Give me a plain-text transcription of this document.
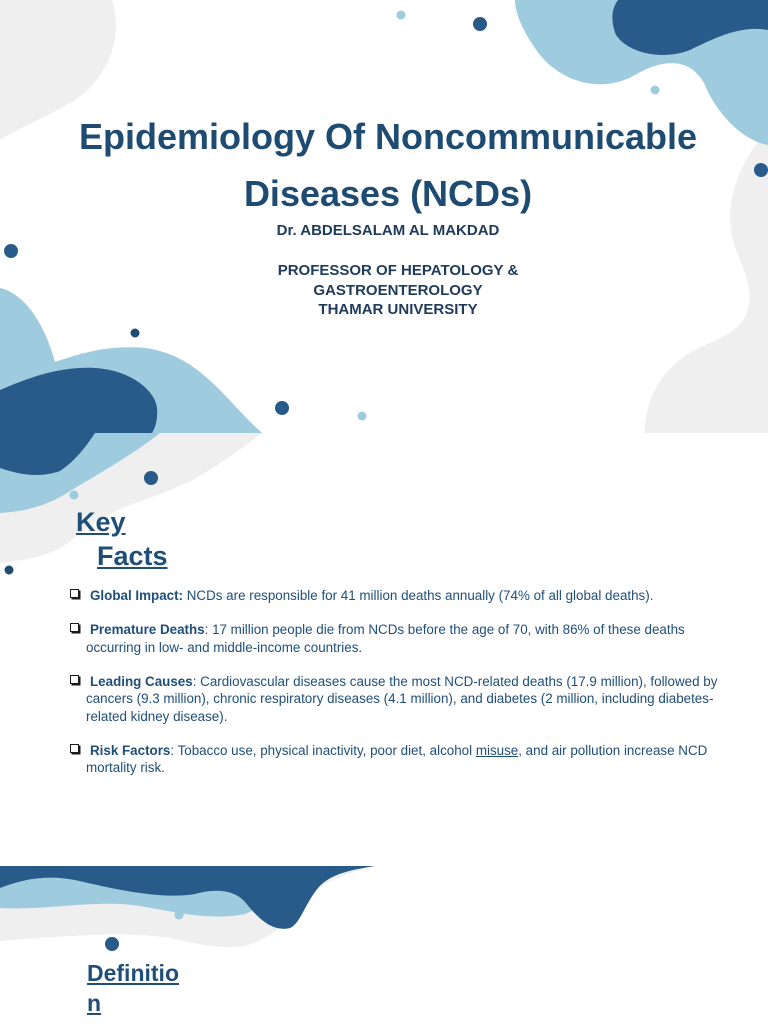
Epidemiology Of Noncommunicable
Diseases (NCDs)
Dr. ABDELSALAM AL MAKDAD
PROFESSOR OF HEPATOLOGY &
GASTROENTEROLOGY
THAMAR UNIVERSITY
Key
Facts
Global Impact: NCDs are responsible for 41 million deaths annually (74% of all global deaths).
Premature Deaths: 17 million people die from NCDs before the age of 70, with 86% of these deaths occurring in low- and middle-income countries.
Leading Causes: Cardiovascular diseases cause the most NCD-related deaths (17.9 million), followed by cancers (9.3 million), chronic respiratory diseases (4.1 million), and diabetes (2 million, including diabetes-related kidney disease).
Risk Factors: Tobacco use, physical inactivity, poor diet, alcohol misuse, and air pollution increase NCD mortality risk.
Definitio
n
